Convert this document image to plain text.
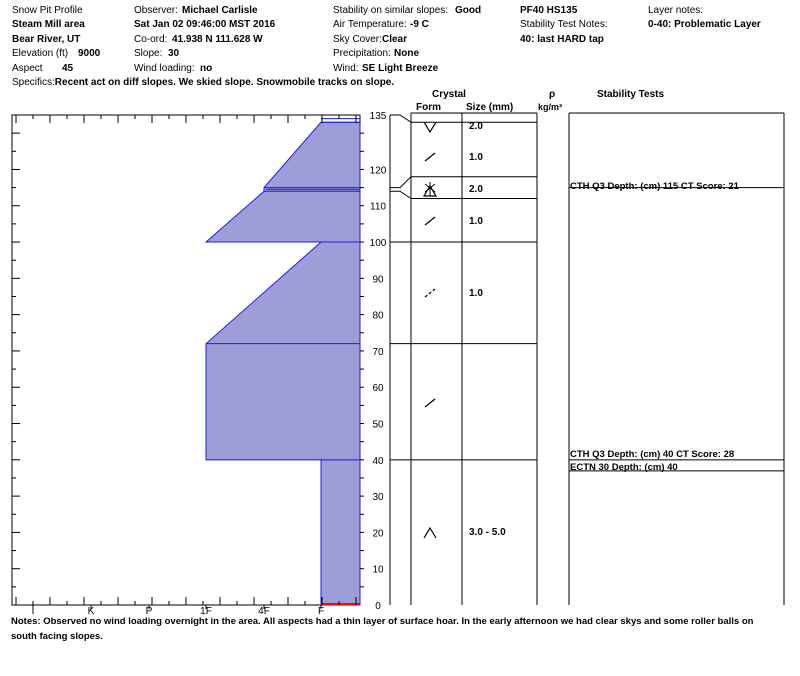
Snow Pit Profile
Steam Mill area
Bear River, UT
Elevation (ft) 9000
Aspect 45
Observer: Michael Carlisle
Sat Jan 02 09:46:00 MST 2016
Co-ord: 41.938 N 111.628 W
Slope: 30
Wind loading: no
Stability on similar slopes: Good
Air Temperature: -9 C
Sky Cover: Clear
Precipitation: None
Wind: SE Light Breeze
PF40 HS135
Stability Test Notes:
40: last HARD tap
Layer notes:
0-40: Problematic Layer
Specifics:Recent act on diff slopes. We skied slope. Snowmobile tracks on slope.
Crystal
Form	Size (mm)
ρ
kg/m³
Stability Tests
I	K	P	1F	4F	F	0
10
20
30
40
50
60
70
80
90
100
110
120
135
2.0
1.0
2.0
1.0
1.0
3.0 - 5.0
CTH Q3 Depth: (cm) 115 CT Score: 21
CTH Q3 Depth: (cm) 40 CT Score: 28
ECTN 30 Depth: (cm) 40
Notes: Observed no wind loading overnight in the area. All aspects had a thin layer of surface hoar. In the early afternoon we had clear skys and some roller balls on south facing slopes.
